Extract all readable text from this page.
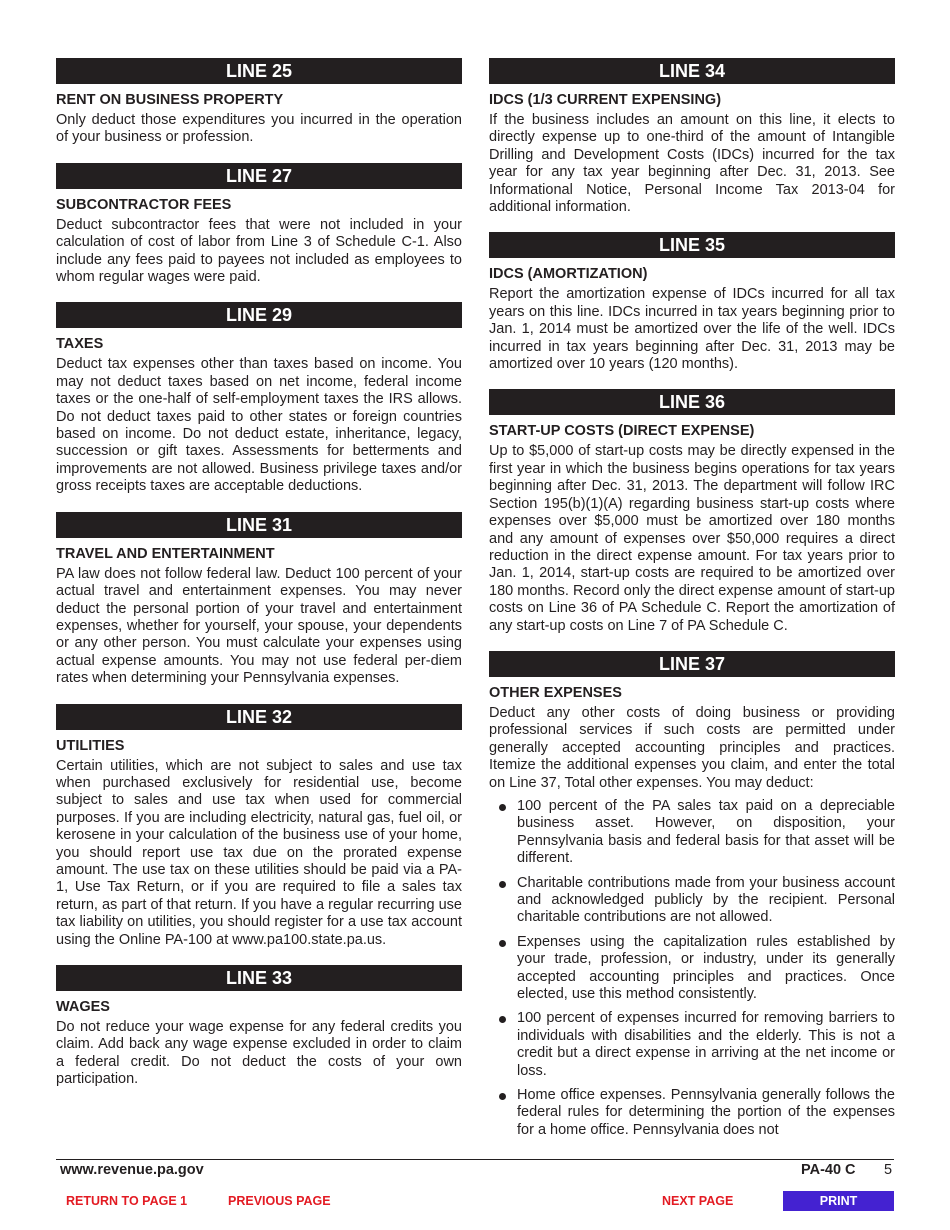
LINE 25
RENT ON BUSINESS PROPERTY

Only deduct those expenditures you incurred in the operation of your business or profession.

LINE 27
SUBCONTRACTOR FEES

Deduct subcontractor fees that were not included in your calculation of cost of labor from Line 3 of Schedule C-1. Also include any fees paid to payees not included as employees to whom regular wages were paid.

LINE 29
TAXES

Deduct tax expenses other than taxes based on income. You may not deduct taxes based on net income, federal income taxes or the one-half of self-employment taxes the IRS allows. Do not deduct taxes paid to other states or foreign countries based on income. Do not deduct estate, inheritance, legacy, succession or gift taxes. Assessments for betterments and improvements are not allowed. Business privilege taxes and/or gross receipts taxes are acceptable deductions.

LINE 31
TRAVEL AND ENTERTAINMENT

PA law does not follow federal law. Deduct 100 percent of your actual travel and entertainment expenses. You may never deduct the personal portion of your travel and entertainment expenses, whether for yourself, your spouse, your dependents or any other person. You must calculate your expenses using actual expense amounts. You may not use federal per-diem rates when determining your Pennsylvania expenses.

LINE 32
UTILITIES

Certain utilities, which are not subject to sales and use tax when purchased exclusively for residential use, become subject to sales and use tax when used for commercial purposes. If you are including electricity, natural gas, fuel oil, or kerosene in your calculation of the business use of your home, you should report use tax due on the prorated expense amount. The use tax on these utilities should be paid via a PA-1, Use Tax Return, or if you are required to file a sales tax return, as part of that return. If you have a regular recurring use tax liability on utilities, you should register for a use tax account using the Online PA-100 at www.pa100.state.pa.us.

LINE 33
WAGES

Do not reduce your wage expense for any federal credits you claim. Add back any wage expense excluded in order to claim a federal credit. Do not deduct the costs of your own participation.

LINE 34
IDCS (1/3 CURRENT EXPENSING)

If the business includes an amount on this line, it elects to directly expense up to one-third of the amount of Intangible Drilling and Development Costs (IDCs) incurred for the tax year for any tax year beginning after Dec. 31, 2013. See Informational Notice, Personal Income Tax 2013-04 for additional information.

LINE 35
IDCS (AMORTIZATION)

Report the amortization expense of IDCs incurred for all tax years on this line. IDCs incurred in tax years beginning prior to Jan. 1, 2014 must be amortized over the life of the well. IDCs incurred in tax years beginning after Dec. 31, 2013 may be amortized over 10 years (120 months).

LINE 36
START-UP COSTS (DIRECT EXPENSE)

Up to $5,000 of start-up costs may be directly expensed in the first year in which the business begins operations for tax years beginning after Dec. 31, 2013. The department will follow IRC Section 195(b)(1)(A) regarding business start-up costs where expenses over $5,000 must be amortized over 180 months and any amount of expenses over $50,000 requires a direct reduction in the direct expense amount. For tax years prior to Jan. 1, 2014, start-up costs are required to be amortized over 180 months. Record only the direct expense amount of start-up costs on Line 36 of PA Schedule C. Report the amortization of any start-up costs on Line 7 of PA Schedule C.

LINE 37
OTHER EXPENSES

Deduct any other costs of doing business or providing professional services if such costs are permitted under generally accepted accounting principles and practices. Itemize the additional expenses you claim, and enter the total on Line 37, Total other expenses. You may deduct:

100 percent of the PA sales tax paid on a depreciable business asset. However, on disposition, your Pennsylvania basis and federal basis for that asset will be different.
Charitable contributions made from your business account and acknowledged publicly by the recipient. Personal charitable contributions are not allowed.
Expenses using the capitalization rules established by your trade, profession, or industry, under its generally accepted accounting principles and practices. Once elected, use this method consistently.
100 percent of expenses incurred for removing barriers to individuals with disabilities and the elderly. This is not a credit but a direct expense in arriving at the net income or loss.
Home office expenses. Pennsylvania generally follows the federal rules for determining the portion of the expenses for a home office. Pennsylvania does not
www.revenue.pa.gov	PA-40 C 5
RETURN TO PAGE 1	PREVIOUS PAGE	NEXT PAGE	PRINT
